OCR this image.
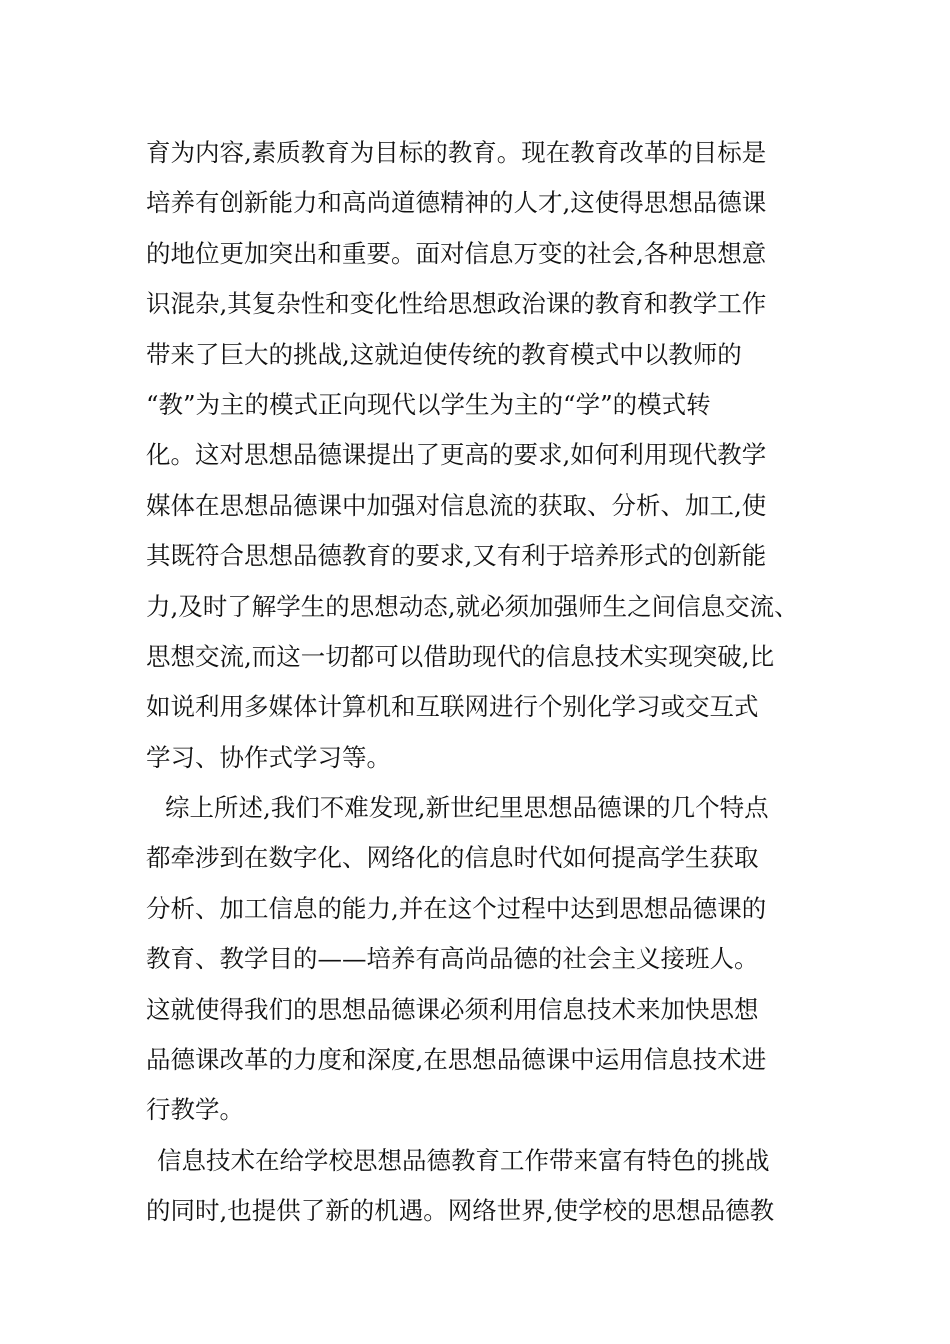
育为内容,素质教育为目标的教育。现在教育改革的目标是
培养有创新能力和高尚道德精神的人才,这使得思想品德课
的地位更加突出和重要。面对信息万变的社会,各种思想意
识混杂,其复杂性和变化性给思想政治课的教育和教学工作
带来了巨大的挑战,这就迫使传统的教育模式中以教师的
“教”为主的模式正向现代以学生为主的“学”的模式转
化。这对思想品德课提出了更高的要求,如何利用现代教学
媒体在思想品德课中加强对信息流的获取、分析、加工,使
其既符合思想品德教育的要求,又有利于培养形式的创新能
力,及时了解学生的思想动态,就必须加强师生之间信息交流、
思想交流,而这一切都可以借助现代的信息技术实现突破,比
如说利用多媒体计算机和互联网进行个别化学习或交互式
学习、协作式学习等。
综上所述,我们不难发现,新世纪里思想品德课的几个特点
都牵涉到在数字化、网络化的信息时代如何提高学生获取
分析、加工信息的能力,并在这个过程中达到思想品德课的
教育、教学目的——培养有高尚品德的社会主义接班人。
这就使得我们的思想品德课必须利用信息技术来加快思想
品德课改革的力度和深度,在思想品德课中运用信息技术进
行教学。
信息技术在给学校思想品德教育工作带来富有特色的挑战
的同时,也提供了新的机遇。网络世界,使学校的思想品德教
